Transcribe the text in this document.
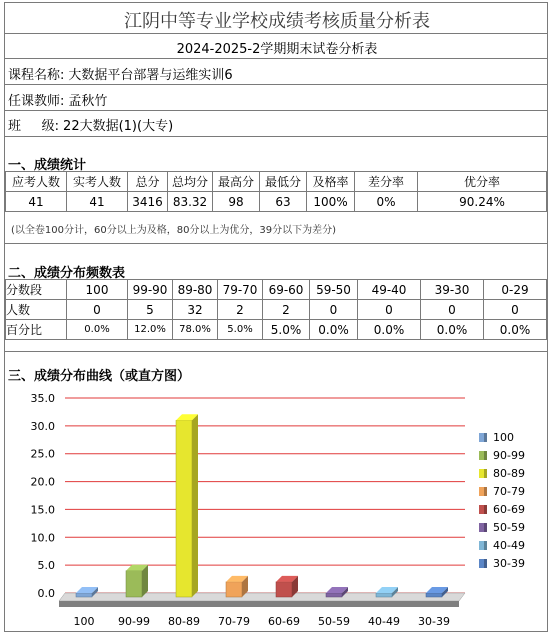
江阴中等专业学校成绩考核质量分析表
2024-2025-2学期期末试卷分析表
课程名称: 大数据平台部署与运维实训6
任课教师: 孟秋竹
班     级: 22大数据(1)(大专)
一、成绩统计
应考人数	实考人数	总分	总均分	最高分	最低分	及格率	差分率	优分率
41	41	3416	83.32	98	63	100%	0%	90.24%
(以全卷100分计，60分以上为及格，80分以上为优分，39分以下为差分)
二、成绩分布频数表
分数段	100	99-90	89-80	79-70	69-60	59-50	49-40	39-30	0-29
人数	0	5	32	2	2	0	0	0	0
百分比	0.0%	12.0%	78.0%	5.0%	5.0%	0.0%	0.0%	0.0%	0.0%
三、成绩分布曲线（或直方图）
0.0
5.0
10.0
15.0
20.0
25.0
30.0
35.0
100 90-99 80-89 70-79 60-69 50-59 40-49 30-39
100
90-99
80-89
70-79
60-69
50-59
40-49
30-39
